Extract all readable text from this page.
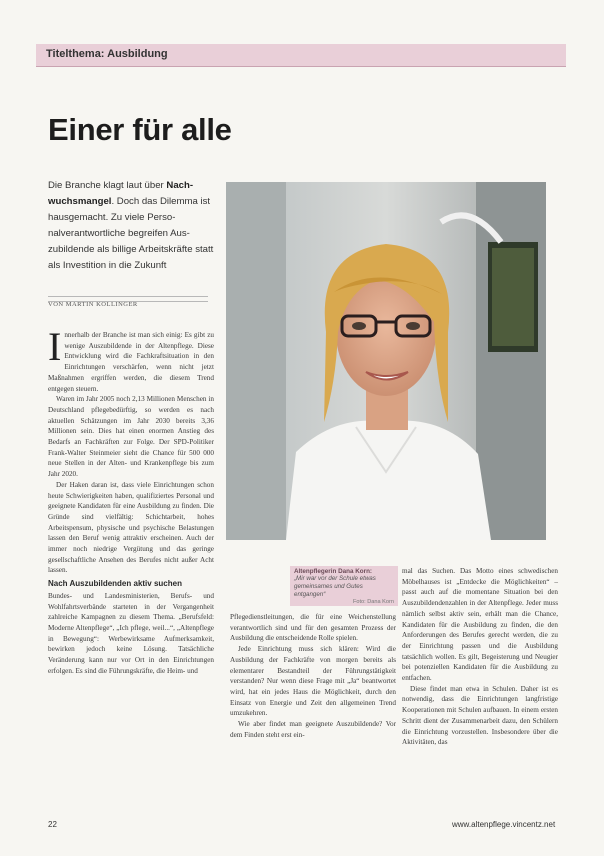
Titelthema: Ausbildung
Einer für alle

Die Branche klagt laut über Nachwuchsmangel. Doch das Dilemma ist hausgemacht. Zu viele Personalverantwortliche begreifen Auszubildende als billige Arbeitskräfte statt als Investition in die Zukunft

VON MARTIN KOLLINGER
I nnerhalb der Branche ist man sich einig: Es gibt zu wenige Auszubildende in der Altenpflege. Diese Entwicklung wird die Fachkraftsituation in den Einrichtungen verschärfen, wenn nicht jetzt Maßnahmen ergriffen werden, die diesem Trend entgegen steuern.

Waren im Jahr 2005 noch 2,13 Millionen Menschen in Deutschland pflegebedürftig, so werden es nach aktuellen Schätzungen im Jahr 2030 bereits 3,36 Millionen sein. Dies hat einen enormen Anstieg des Bedarfs an Fachkräften zur Folge. Der SPD-Politiker Frank-Walter Steinmeier sieht die Chance für 500 000 neue Stellen in der Alten- und Krankenpflege bis zum Jahr 2020.

Der Haken daran ist, dass viele Einrichtungen schon heute Schwierigkeiten haben, qualifiziertes Personal und geeignete Kandidaten für eine Ausbildung zu finden. Die Gründe sind vielfältig: Schichtarbeit, hohes Arbeitspensum, physische und psychische Belastungen lassen den Beruf wenig attraktiv erscheinen. Auch der immer noch niedrige Vergütung und das geringe gesellschaftliche Ansehen des Berufes nicht außer Acht lassen.

Nach Auszubildenden aktiv suchen

Bundes- und Landesministerien, Berufs- und Wohlfahrtsverbände starteten in der Vergangenheit zahlreiche Kampagnen zu diesem Thema. „Berufsfeld: Moderne Altenpflege“, „Ich pflege, weil...“, „Altenpflege in Bewegung“: Werbewirksame Aufmerksamkeit, bewirken jedoch keine Lösung. Tatsächliche Veränderung kann nur vor Ort in den Einrichtungen erfolgen. Es sind die Führungskräfte, die Heim- und

Altenpflegerin Dana Korn:
„Mir war vor der Schule etwas gemeinsames und Gutes entgangen“
Foto: Dana Korn

Pflegedienstleitungen, die für eine Weichenstellung verantwortlich sind und für den gesamten Prozess der Ausbildung die entscheidende Rolle spielen.

Jede Einrichtung muss sich klären: Wird die Ausbildung der Fachkräfte von morgen bereits als elementarer Bestandteil der Führungstätigkeit verstanden? Nur wenn diese Frage mit „Ja“ beantwortet wird, hat ein jedes Haus die Möglichkeit, durch den Einsatz von Energie und Zeit den allgemeinen Trend umzukehren.

Wie aber findet man geeignete Auszubildende? Vor dem Finden steht erst ein-

mal das Suchen. Das Motto eines schwedischen Möbelhauses ist „Entdecke die Möglichkeiten“ – passt auch auf die momentane Situation bei den Auszubildendenzahlen in der Altenpflege. Jeder muss nämlich selbst aktiv sein, erhält man die Chance, Kandidaten für die Ausbildung zu finden, die den Anforderungen des Berufes gerecht werden, die zu der Einrichtung passen und die Ausbildung tatsächlich wollen. Es gilt, Begeisterung und Neugier bei potenziellen Kandidaten für die Ausbildung zu entfachen.

Diese findet man etwa in Schulen. Daher ist es notwendig, dass die Einrichtungen langfristige Kooperationen mit Schulen aufbauen. In einem ersten Schritt dient der Zusammenarbeit dazu, den Schülern die Einrichtung vorzustellen. Insbesondere über die Aktivitäten, das

22	www.altenpflege.vincentz.net
